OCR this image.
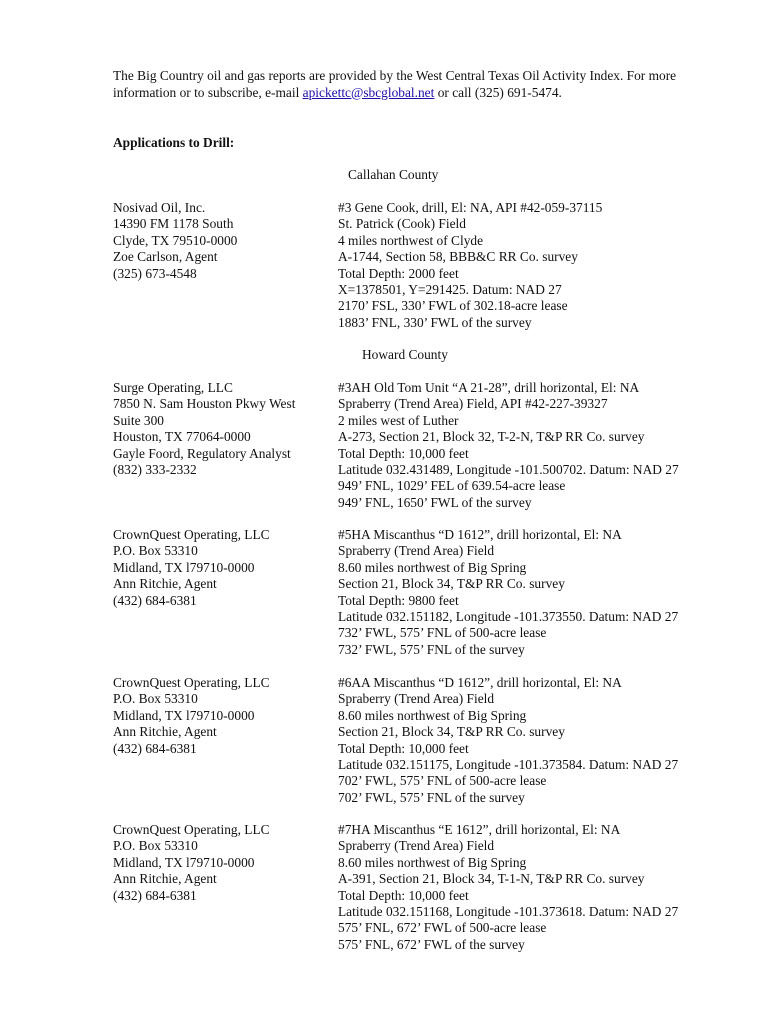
The Big Country oil and gas reports are provided by the West Central Texas Oil Activity Index. For more information or to subscribe, e-mail apickettc@sbcglobal.net or call (325) 691-5474.

Applications to Drill:
Callahan County
Nosivad Oil, Inc.
14390 FM 1178 South
Clyde, TX 79510-0000
Zoe Carlson, Agent
(325) 673-4548
#3 Gene Cook, drill, El: NA, API #42-059-37115
St. Patrick (Cook) Field
4 miles northwest of Clyde
A-1744, Section 58, BBB&C RR Co. survey
Total Depth: 2000 feet
X=1378501, Y=291425. Datum: NAD 27
2170’ FSL, 330’ FWL of 302.18-acre lease
1883’ FNL, 330’ FWL of the survey
Howard County
Surge Operating, LLC
7850 N. Sam Houston Pkwy West
Suite 300
Houston, TX 77064-0000
Gayle Foord, Regulatory Analyst
(832) 333-2332
#3AH Old Tom Unit “A 21-28”, drill horizontal, El: NA
Spraberry (Trend Area) Field, API #42-227-39327
2 miles west of Luther
A-273, Section 21, Block 32, T-2-N, T&P RR Co. survey
Total Depth: 10,000 feet
Latitude 032.431489, Longitude -101.500702. Datum: NAD 27
949’ FNL, 1029’ FEL of 639.54-acre lease
949’ FNL, 1650’ FWL of the survey
CrownQuest Operating, LLC
P.O. Box 53310
Midland, TX l79710-0000
Ann Ritchie, Agent
(432) 684-6381
#5HA Miscanthus “D 1612”, drill horizontal, El: NA
Spraberry (Trend Area) Field
8.60 miles northwest of Big Spring
Section 21, Block 34, T&P RR Co. survey
Total Depth: 9800 feet
Latitude 032.151182, Longitude -101.373550. Datum: NAD 27
732’ FWL, 575’ FNL of 500-acre lease
732’ FWL, 575’ FNL of the survey
CrownQuest Operating, LLC
P.O. Box 53310
Midland, TX l79710-0000
Ann Ritchie, Agent
(432) 684-6381
#6AA Miscanthus “D 1612”, drill horizontal, El: NA
Spraberry (Trend Area) Field
8.60 miles northwest of Big Spring
Section 21, Block 34, T&P RR Co. survey
Total Depth: 10,000 feet
Latitude 032.151175, Longitude -101.373584. Datum: NAD 27
702’ FWL, 575’ FNL of 500-acre lease
702’ FWL, 575’ FNL of the survey
CrownQuest Operating, LLC
P.O. Box 53310
Midland, TX l79710-0000
Ann Ritchie, Agent
(432) 684-6381
#7HA Miscanthus “E 1612”, drill horizontal, El: NA
Spraberry (Trend Area) Field
8.60 miles northwest of Big Spring
A-391, Section 21, Block 34, T-1-N, T&P RR Co. survey
Total Depth: 10,000 feet
Latitude 032.151168, Longitude -101.373618. Datum: NAD 27
575’ FNL, 672’ FWL of 500-acre lease
575’ FNL, 672’ FWL of the survey
